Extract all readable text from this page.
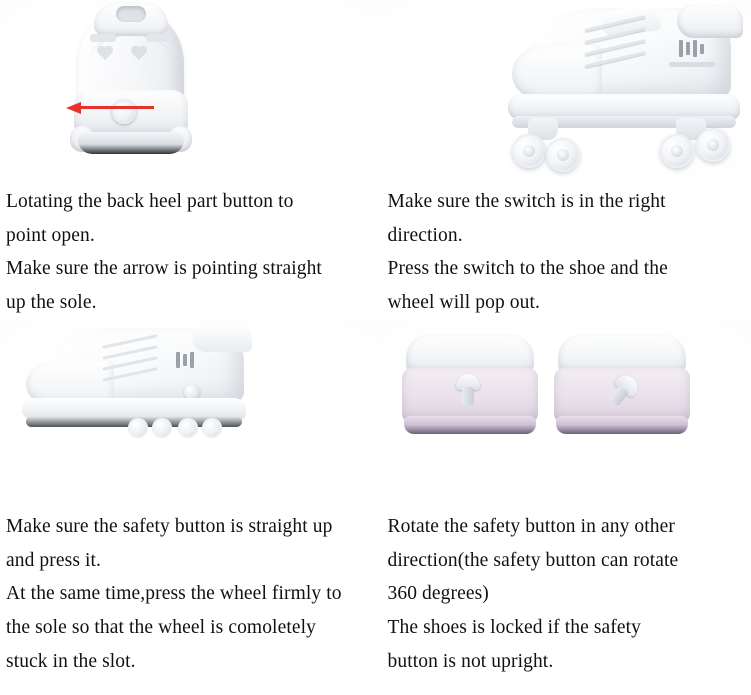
Lotating the back heel part button to

point open.

Make sure the arrow is pointing straight

up the sole.

Make sure the switch is in the right

direction.

Press the switch to the shoe and the

wheel will pop out.

Make sure the safety button is straight up

and press it.

At the same time,press the wheel firmly to

the sole so that the wheel is comoletely

stuck in the slot.

Rotate the safety button in any other

direction(the safety button can rotate

360 degrees)

The shoes is locked if the safety

button is not upright.
